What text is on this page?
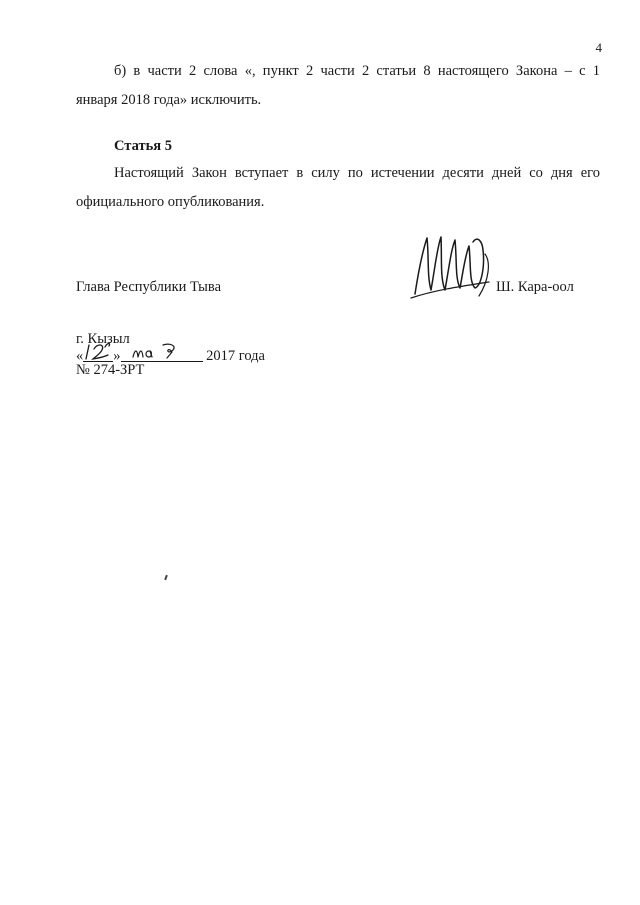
4
б) в части 2 слова «, пункт 2 части 2 статьи 8 настоящего Закона – с 1
января 2018 года» исключить.
Статья 5
Настоящий Закон вступает в силу по истечении десяти дней со дня его
официального опубликования.
Глава Республики Тыва	Ш. Кара-оол
г. Кызыл
« »	2017 года
№ 274-ЗРТ
